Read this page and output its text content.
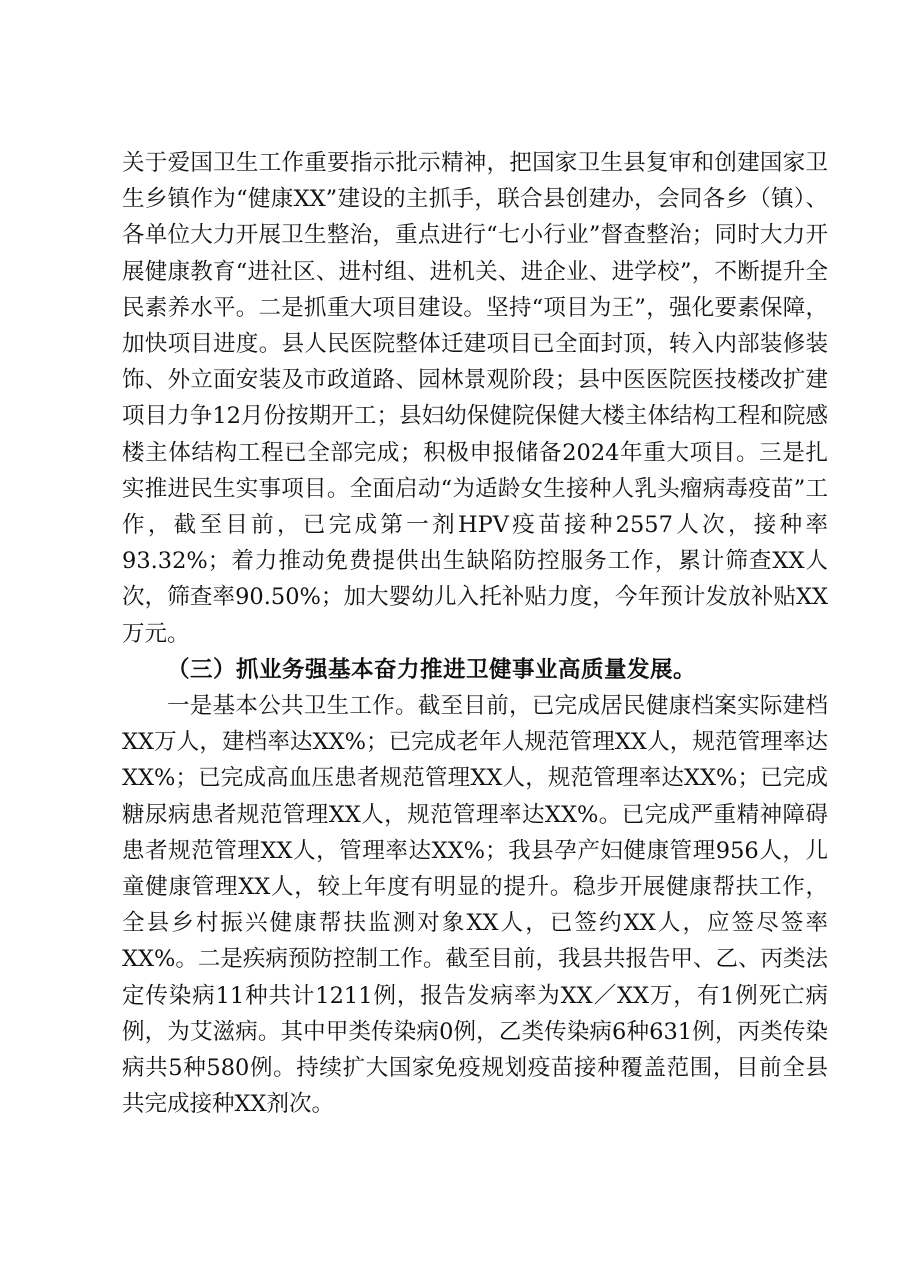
关于爱国卫生工作重要指示批示精神，把国家卫生县复审和创建国家卫生乡镇作为“健康XX”建设的主抓手，联合县创建办，会同各乡（镇）、各单位大力开展卫生整治，重点进行“七小行业”督查整治；同时大力开展健康教育“进社区、进村组、进机关、进企业、进学校”，不断提升全民素养水平。二是抓重大项目建设。坚持“项目为王”，强化要素保障，加快项目进度。县人民医院整体迁建项目已全面封顶，转入内部装修装饰、外立面安装及市政道路、园林景观阶段；县中医医院医技楼改扩建项目力争12月份按期开工；县妇幼保健院保健大楼主体结构工程和院感楼主体结构工程已全部完成；积极申报储备2024年重大项目。三是扎实推进民生实事项目。全面启动“为适龄女生接种人乳头瘤病毒疫苗”工作，截至目前，已完成第一剂HPV疫苗接种2557人次，接种率93.32%；着力推动免费提供出生缺陷防控服务工作，累计筛查XX人次，筛查率90.50%；加大婴幼儿入托补贴力度，今年预计发放补贴XX万元。

（三）抓业务强基本奋力推进卫健事业高质量发展。

一是基本公共卫生工作。截至目前，已完成居民健康档案实际建档XX万人，建档率达XX%；已完成老年人规范管理XX人，规范管理率达XX%；已完成高血压患者规范管理XX人，规范管理率达XX%；已完成糖尿病患者规范管理XX人，规范管理率达XX%。已完成严重精神障碍患者规范管理XX人，管理率达XX%；我县孕产妇健康管理956人，儿童健康管理XX人，较上年度有明显的提升。稳步开展健康帮扶工作，全县乡村振兴健康帮扶监测对象XX人，已签约XX人，应签尽签率XX%。二是疾病预防控制工作。截至目前，我县共报告甲、乙、丙类法定传染病11种共计1211例，报告发病率为XX／XX万，有1例死亡病例，为艾滋病。其中甲类传染病0例，乙类传染病6种631例，丙类传染病共5种580例。持续扩大国家免疫规划疫苗接种覆盖范围，目前全县共完成接种XX剂次。
